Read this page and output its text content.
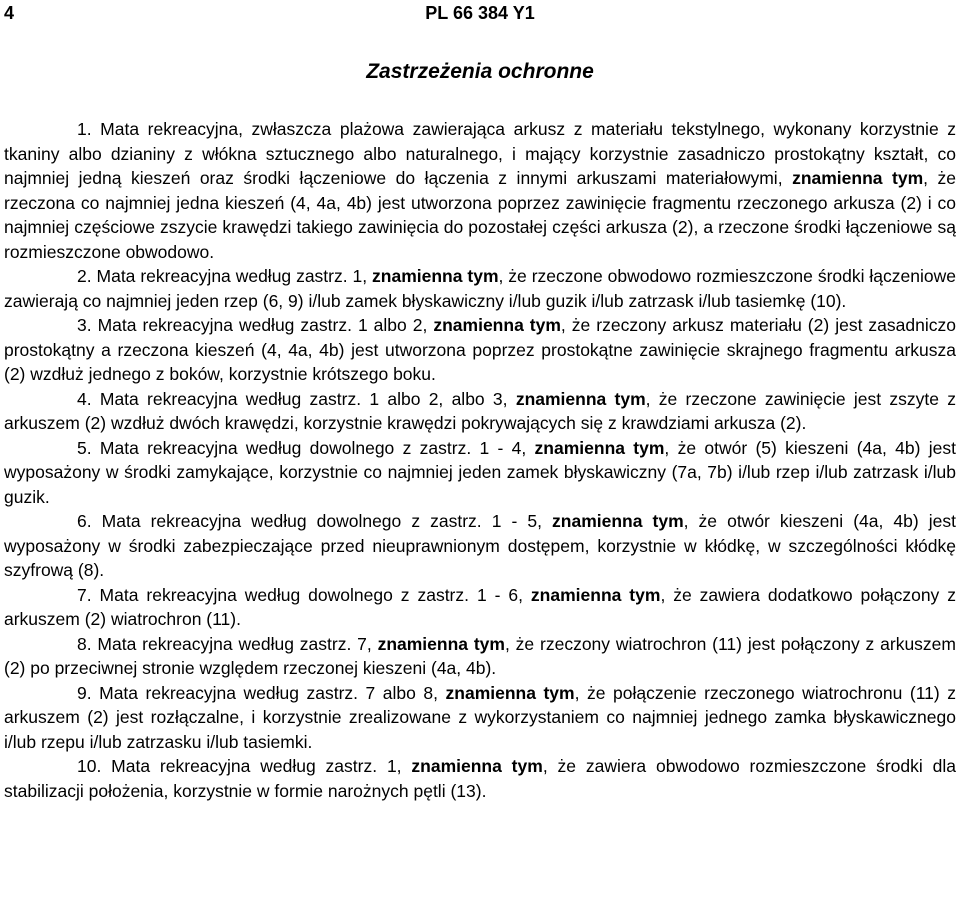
4	PL 66 384 Y1
Zastrzeżenia ochronne

1. Mata rekreacyjna, zwłaszcza plażowa zawierająca arkusz z materiału tekstylnego, wykonany korzystnie z tkaniny albo dzianiny z włókna sztucznego albo naturalnego, i mający korzystnie zasadniczo prostokątny kształt, co najmniej jedną kieszeń oraz środki łączeniowe do łączenia z innymi arkuszami materiałowymi, znamienna tym, że rzeczona co najmniej jedna kieszeń (4, 4a, 4b) jest utworzona poprzez zawinięcie fragmentu rzeczonego arkusza (2) i co najmniej częściowe zszycie krawędzi takiego zawinięcia do pozostałej części arkusza (2), a rzeczone środki łączeniowe są rozmieszczone obwodowo.

2. Mata rekreacyjna według zastrz. 1, znamienna tym, że rzeczone obwodowo rozmieszczone środki łączeniowe zawierają co najmniej jeden rzep (6, 9) i/lub zamek błyskawiczny i/lub guzik i/lub zatrzask i/lub tasiemkę (10).

3. Mata rekreacyjna według zastrz. 1 albo 2, znamienna tym, że rzeczony arkusz materiału (2) jest zasadniczo prostokątny a rzeczona kieszeń (4, 4a, 4b) jest utworzona poprzez prostokątne zawinięcie skrajnego fragmentu arkusza (2) wzdłuż jednego z boków, korzystnie krótszego boku.

4. Mata rekreacyjna według zastrz. 1 albo 2, albo 3, znamienna tym, że rzeczone zawinięcie jest zszyte z arkuszem (2) wzdłuż dwóch krawędzi, korzystnie krawędzi pokrywających się z krawdziami arkusza (2).

5. Mata rekreacyjna według dowolnego z zastrz. 1 - 4, znamienna tym, że otwór (5) kieszeni (4a, 4b) jest wyposażony w środki zamykające, korzystnie co najmniej jeden zamek błyskawiczny (7a, 7b) i/lub rzep i/lub zatrzask i/lub guzik.

6. Mata rekreacyjna według dowolnego z zastrz. 1 - 5, znamienna tym, że otwór kieszeni (4a, 4b) jest wyposażony w środki zabezpieczające przed nieuprawnionym dostępem, korzystnie w kłódkę, w szczególności kłódkę szyfrową (8).

7. Mata rekreacyjna według dowolnego z zastrz. 1 - 6, znamienna tym, że zawiera dodatkowo połączony z arkuszem (2) wiatrochron (11).

8. Mata rekreacyjna według zastrz. 7, znamienna tym, że rzeczony wiatrochron (11) jest połączony z arkuszem (2) po przeciwnej stronie względem rzeczonej kieszeni (4a, 4b).

9. Mata rekreacyjna według zastrz. 7 albo 8, znamienna tym, że połączenie rzeczonego wiatrochronu (11) z arkuszem (2) jest rozłączalne, i korzystnie zrealizowane z wykorzystaniem co najmniej jednego zamka błyskawicznego i/lub rzepu i/lub zatrzasku i/lub tasiemki.

10. Mata rekreacyjna według zastrz. 1, znamienna tym, że zawiera obwodowo rozmieszczone środki dla stabilizacji położenia, korzystnie w formie narożnych pętli (13).
